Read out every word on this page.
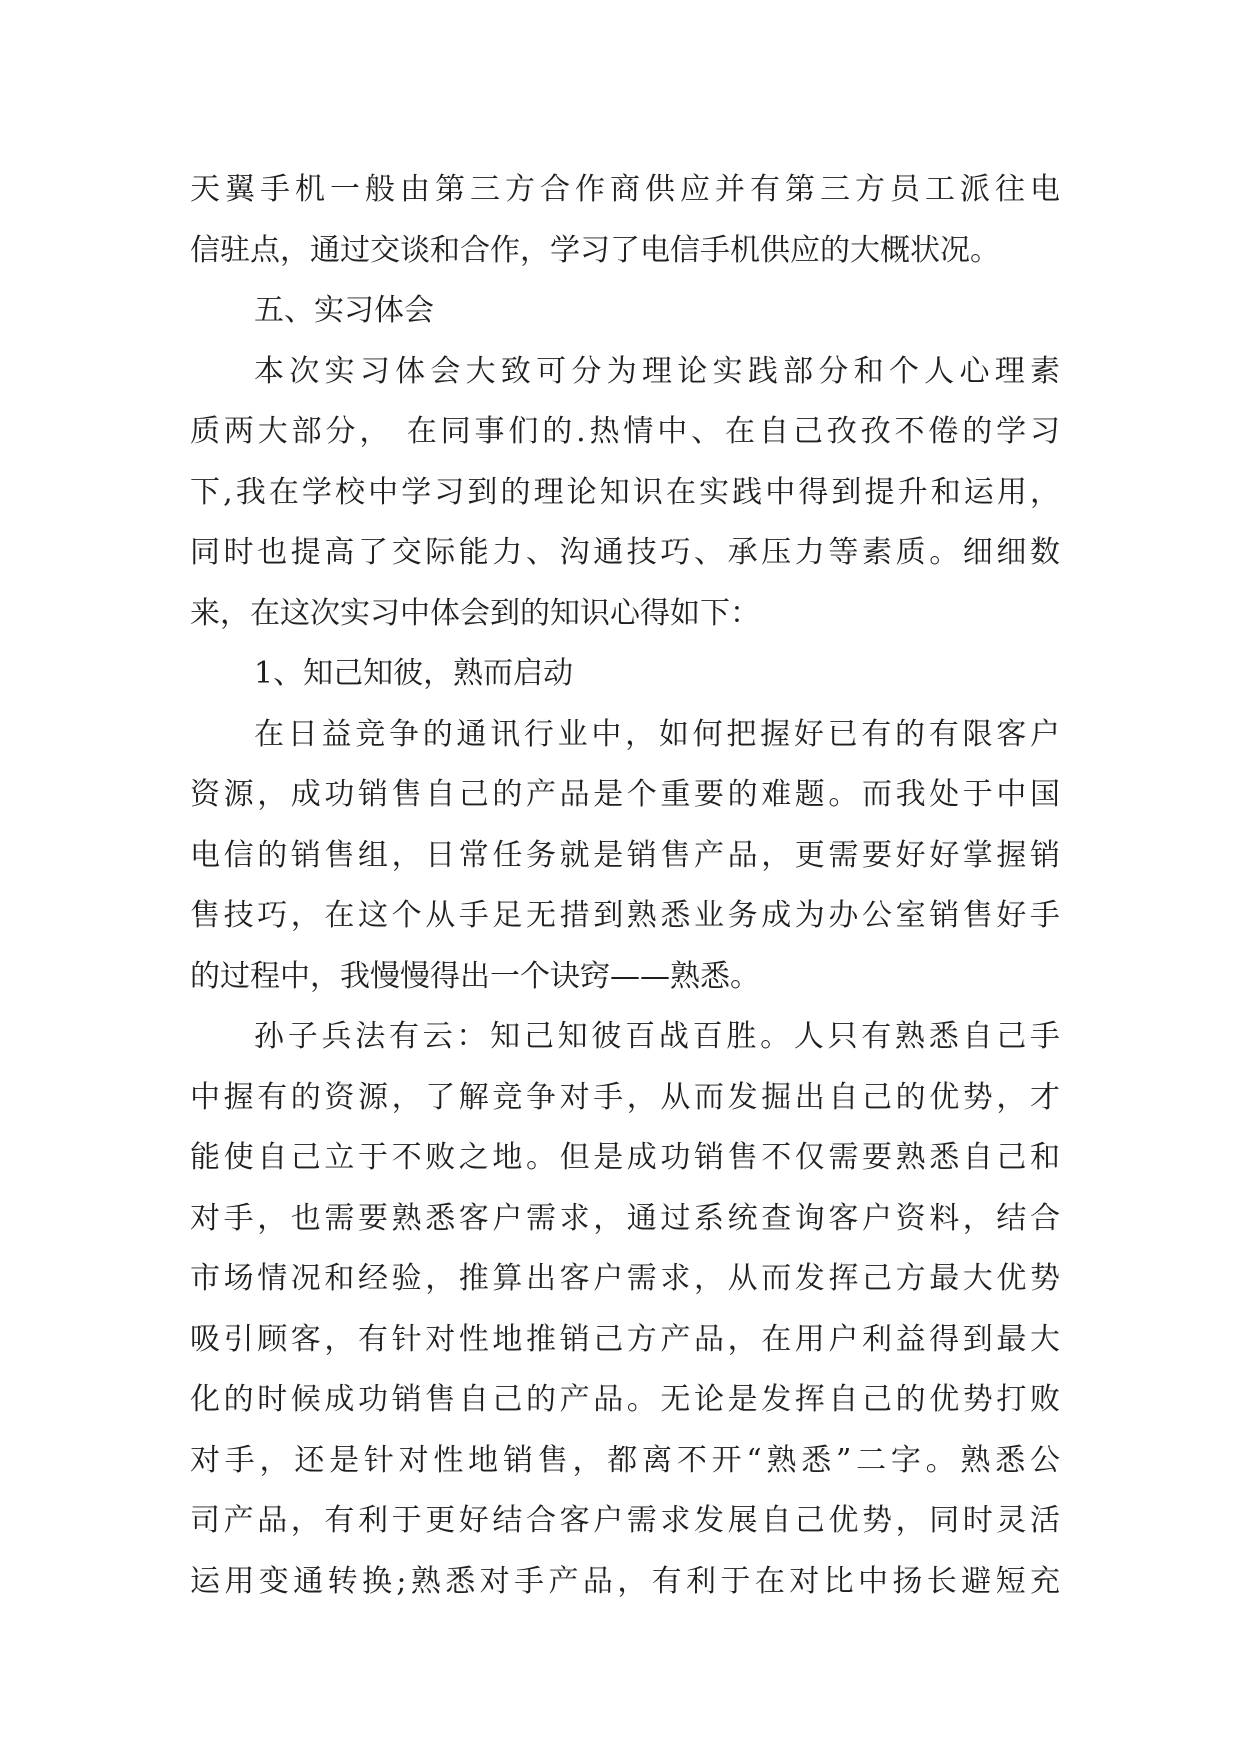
天翼手机一般由第三方合作商供应并有第三方员工派往电
信驻点，通过交谈和合作，学习了电信手机供应的大概状况。
五、实习体会
本次实习体会大致可分为理论实践部分和个人心理素
质两大部分， 在同事们的.热情中、在自己孜孜不倦的学习
下,我在学校中学习到的理论知识在实践中得到提升和运用，
同时也提高了交际能力、沟通技巧、承压力等素质。细细数
来，在这次实习中体会到的知识心得如下：
1、知己知彼，熟而启动
在日益竞争的通讯行业中，如何把握好已有的有限客户
资源，成功销售自己的产品是个重要的难题。而我处于中国
电信的销售组，日常任务就是销售产品，更需要好好掌握销
售技巧，在这个从手足无措到熟悉业务成为办公室销售好手
的过程中，我慢慢得出一个诀窍——熟悉。
孙子兵法有云：知己知彼百战百胜。人只有熟悉自己手
中握有的资源，了解竞争对手，从而发掘出自己的优势，才
能使自己立于不败之地。但是成功销售不仅需要熟悉自己和
对手，也需要熟悉客户需求，通过系统查询客户资料，结合
市场情况和经验，推算出客户需求，从而发挥己方最大优势
吸引顾客，有针对性地推销己方产品，在用户利益得到最大
化的时候成功销售自己的产品。无论是发挥自己的优势打败
对手，还是针对性地销售，都离不开“熟悉”二字。熟悉公
司产品，有利于更好结合客户需求发展自己优势，同时灵活
运用变通转换;熟悉对手产品，有利于在对比中扬长避短充
